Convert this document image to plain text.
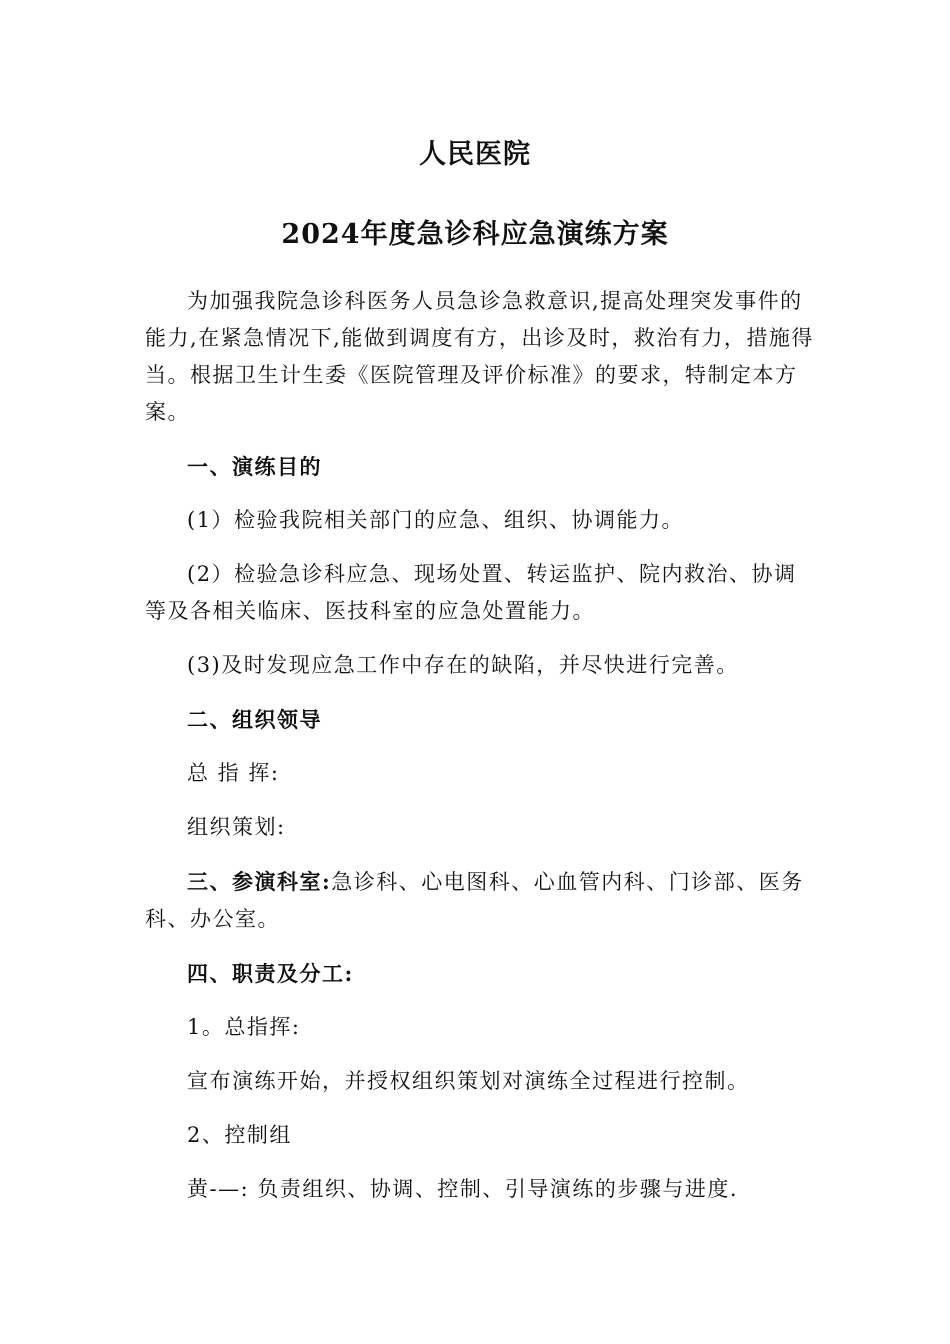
人民医院
2024年度急诊科应急演练方案

为加强我院急诊科医务人员急诊急救意识,提高处理突发事件的能力,在紧急情况下,能做到调度有方，出诊及时，救治有力，措施得当。根据卫生计生委《医院管理及评价标准》的要求，特制定本方案。

一、演练目的

(1）检验我院相关部门的应急、组织、协调能力。

(2）检验急诊科应急、现场处置、转运监护、院内救治、协调等及各相关临床、医技科室的应急处置能力。

(3)及时发现应急工作中存在的缺陷，并尽快进行完善。

二、组织领导

总 指 挥:

组织策划:

三、参演科室:急诊科、心电图科、心血管内科、门诊部、医务科、办公室。

四、职责及分工:

1。总指挥:

宣布演练开始，并授权组织策划对演练全过程进行控制。

2、控制组

黄-—: 负责组织、协调、控制、引导演练的步骤与进度.
